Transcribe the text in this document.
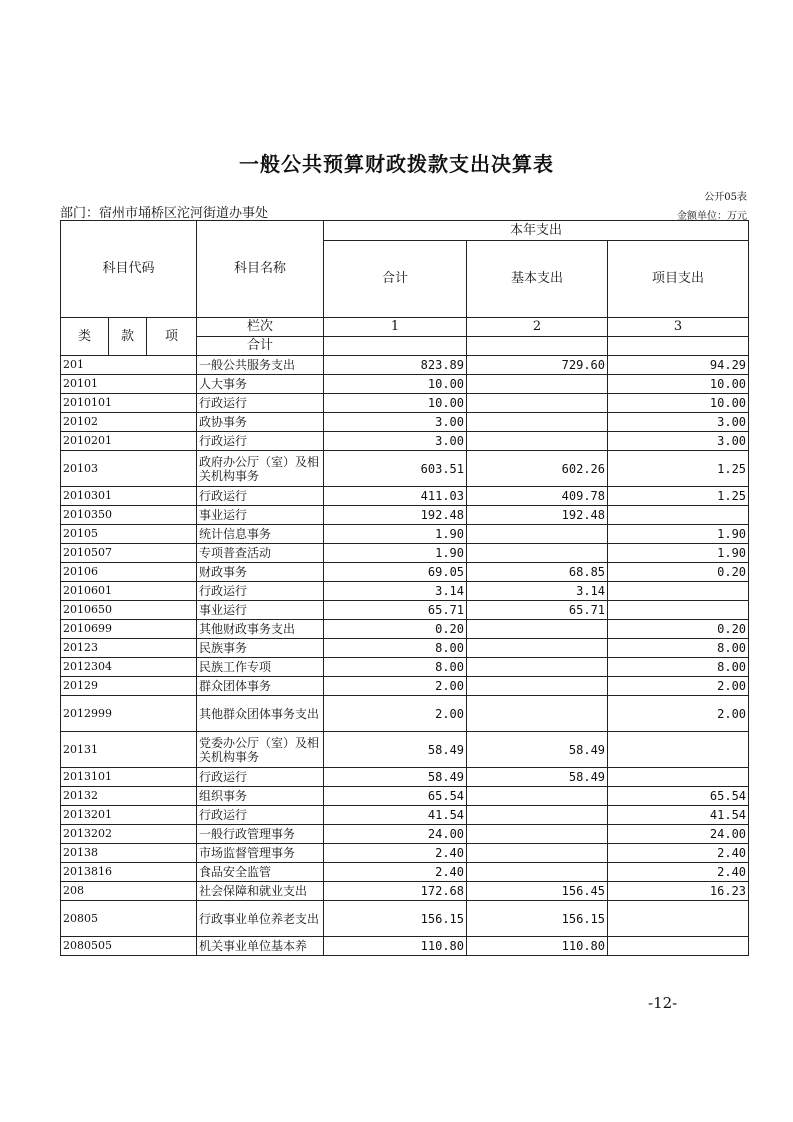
一般公共预算财政拨款支出决算表
公开05表
部门：宿州市埇桥区沱河街道办事处	金额单位：万元
科目代码			科目名称	本年支出		
				合计	基本支出	项目支出
类	款	项	栏次	1	2	3
			合计			
201			一般公共服务支出	823.89	729.60	94.29
20101			人大事务	10.00		10.00
2010101			行政运行	10.00		10.00
20102			政协事务	3.00		3.00
2010201			行政运行	3.00		3.00
20103			政府办公厅（室）及相关机构事务	603.51	602.26	1.25
2010301			行政运行	411.03	409.78	1.25
2010350			事业运行	192.48	192.48	
20105			统计信息事务	1.90		1.90
2010507			专项普查活动	1.90		1.90
20106			财政事务	69.05	68.85	0.20
2010601			行政运行	3.14	3.14	
2010650			事业运行	65.71	65.71	
2010699			其他财政事务支出	0.20		0.20
20123			民族事务	8.00		8.00
2012304			民族工作专项	8.00		8.00
20129			群众团体事务	2.00		2.00
2012999			其他群众团体事务支出	2.00		2.00
20131			党委办公厅（室）及相关机构事务	58.49	58.49	
2013101			行政运行	58.49	58.49	
20132			组织事务	65.54		65.54
2013201			行政运行	41.54		41.54
2013202			一般行政管理事务	24.00		24.00
20138			市场监督管理事务	2.40		2.40
2013816			食品安全监管	2.40		2.40
208			社会保障和就业支出	172.68	156.45	16.23
20805			行政事业单位养老支出	156.15	156.15	
2080505			机关事业单位基本养	110.80	110.80	
-12-
